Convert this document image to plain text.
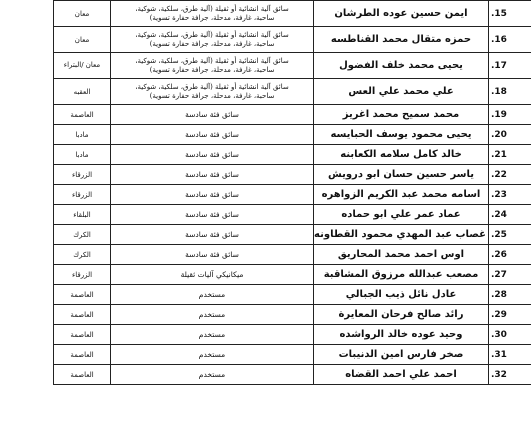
.15	ايمن حسين عوده الطرشان	سائق آلية انشائية أو ثقيلة (آلية طرق، سلكية، شوكية،
ساحبة، غارفة، مدحلة، جرافة حفارة تسوية)	معان
.16	حمزه متقال محمد القناطسه	سائق آلية انشائية أو ثقيلة (آلية طرق، سلكية، شوكية،
ساحبة، غارفة، مدحلة، جرافة حفارة تسوية)	معان
.17	يحيى محمد خلف الفضول	سائق آلية انشائية أو ثقيلة (آلية طرق، سلكية، شوكية،
ساحبة، غارفة، مدحلة، جرافة حفارة تسوية)	معان /البتراء
.18	علي محمد علي العس	سائق آلية انشائية أو ثقيلة (آلية طرق، سلكية، شوكية،
ساحبة، غارفة، مدحلة، جرافة حفارة تسوية)	العقبه
.19	محمد سميح محمد اغريز	سائق فئة سادسة	العاصمة
.20	يحيى محمود يوسف الحبايسه	سائق فئة سادسة	مادبا
.21	خالد كامل سلامه الكعابنه	سائق فئة سادسة	مادبا
.22	ياسر حسين حسان ابو درويش	سائق فئة سادسة	الزرقاء
.23	اسامه محمد عبد الكريم الزواهره	سائق فئة سادسة	الزرقاء
.24	عماد عمر علي ابو حماده	سائق فئة سادسة	البلقاء
.25	غصاب عبد المهدي محمود القطاونه	سائق فئة سادسة	الكرك
.26	اوس احمد محمد المحاريق	سائق فئة سادسة	الكرك
.27	مصعب عبدالله مرزوق المشاقبة	ميكانيكي آليات ثقيلة	الزرقاء
.28	عادل نائل ذيب الجبالي	مستخدم	العاصمة
.29	رائد صالح فرحان المعايرة	مستخدم	العاصمة
.30	وحيد عوده خالد الرواشده	مستخدم	العاصمة
.31	صخر فارس امين الدنيبات	مستخدم	العاصمة
.32	احمد علي احمد القضاه	مستخدم	العاصمة
